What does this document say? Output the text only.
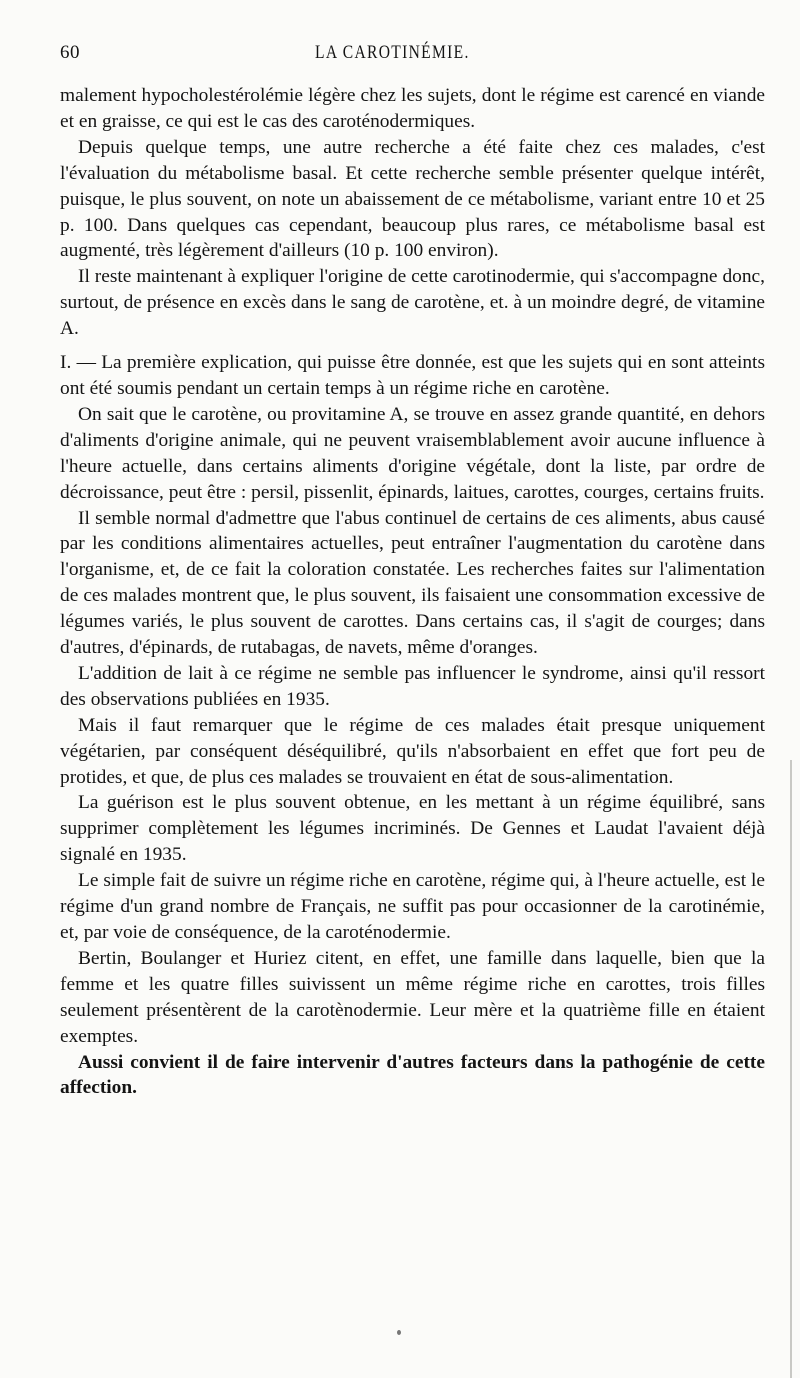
60	LA CAROTINÉMIE.

malement hypocholestérolémie légère chez les sujets, dont le régime est carencé en viande et en graisse, ce qui est le cas des caroténodermiques.

Depuis quelque temps, une autre recherche a été faite chez ces malades, c'est l'évaluation du métabolisme basal. Et cette recherche semble présenter quelque intérêt, puisque, le plus souvent, on note un abaissement de ce métabolisme, variant entre 10 et 25 p. 100. Dans quelques cas cependant, beaucoup plus rares, ce métabolisme basal est augmenté, très légèrement d'ailleurs (10 p. 100 environ).

Il reste maintenant à expliquer l'origine de cette carotinodermie, qui s'accompagne donc, surtout, de présence en excès dans le sang de carotène, et. à un moindre degré, de vitamine A.

I. — La première explication, qui puisse être donnée, est que les sujets qui en sont atteints ont été soumis pendant un certain temps à un régime riche en carotène.

On sait que le carotène, ou provitamine A, se trouve en assez grande quantité, en dehors d'aliments d'origine animale, qui ne peuvent vraisemblablement avoir aucune influence à l'heure actuelle, dans certains aliments d'origine végétale, dont la liste, par ordre de décroissance, peut être : persil, pissenlit, épinards, laitues, carottes, courges, certains fruits.

Il semble normal d'admettre que l'abus continuel de certains de ces aliments, abus causé par les conditions alimentaires actuelles, peut entraîner l'augmentation du carotène dans l'organisme, et, de ce fait la coloration constatée. Les recherches faites sur l'alimentation de ces malades montrent que, le plus souvent, ils faisaient une consommation excessive de légumes variés, le plus souvent de carottes. Dans certains cas, il s'agit de courges; dans d'autres, d'épinards, de rutabagas, de navets, même d'oranges.

L'addition de lait à ce régime ne semble pas influencer le syndrome, ainsi qu'il ressort des observations publiées en 1935.

Mais il faut remarquer que le régime de ces malades était presque uniquement végétarien, par conséquent déséquilibré, qu'ils n'absorbaient en effet que fort peu de protides, et que, de plus ces malades se trouvaient en état de sous-alimentation.

La guérison est le plus souvent obtenue, en les mettant à un régime équilibré, sans supprimer complètement les légumes incriminés. De Gennes et Laudat l'avaient déjà signalé en 1935.

Le simple fait de suivre un régime riche en carotène, régime qui, à l'heure actuelle, est le régime d'un grand nombre de Français, ne suffit pas pour occasionner de la carotinémie, et, par voie de conséquence, de la caroténodermie.

Bertin, Boulanger et Huriez citent, en effet, une famille dans laquelle, bien que la femme et les quatre filles suivissent un même régime riche en carottes, trois filles seulement présentèrent de la carotènodermie. Leur mère et la quatrième fille en étaient exemptes.

Aussi convient il de faire intervenir d'autres facteurs dans la pathogénie de cette affection.
